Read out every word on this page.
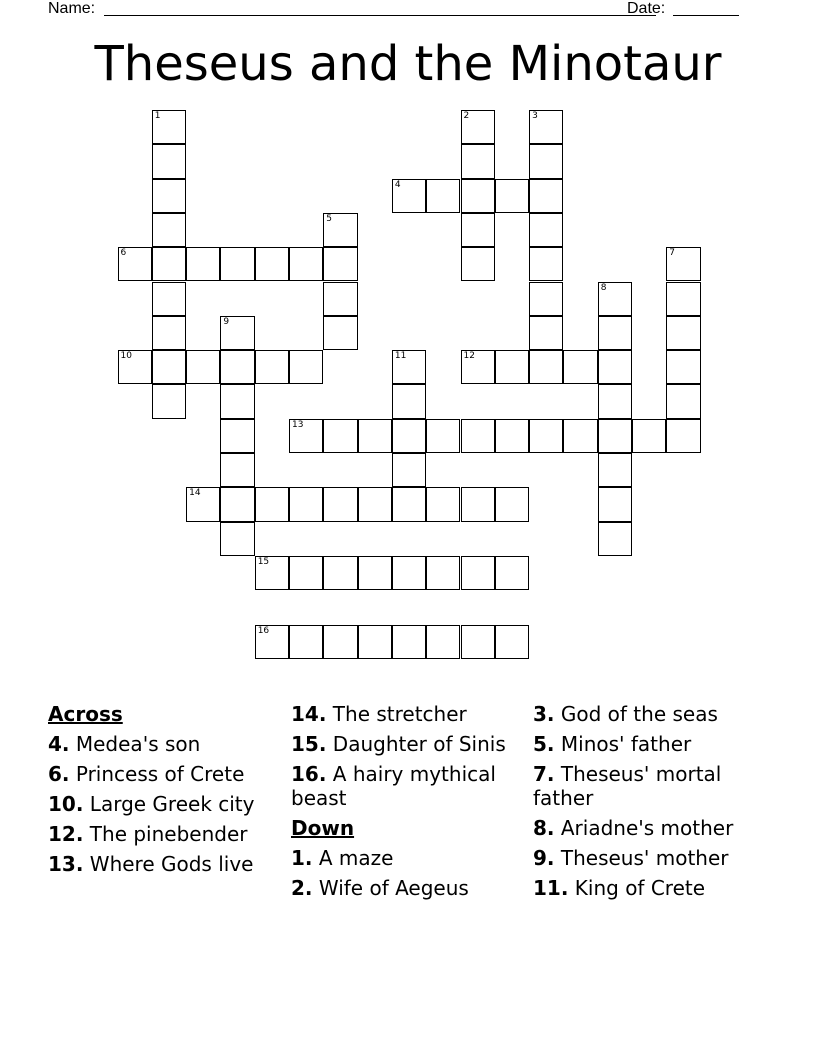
Name:	Date:
Theseus and the Minotaur
1	2	3
4
5
6	7
8
9
10	11	12
13
14
15
16
Across
4. Medea's son
6. Princess of Crete
10. Large Greek city
12. The pinebender
13. Where Gods live
14. The stretcher
15. Daughter of Sinis
16. A hairy mythical beast
Down
1. A maze
2. Wife of Aegeus
3. God of the seas
5. Minos' father
7. Theseus' mortal father
8. Ariadne's mother
9. Theseus' mother
11. King of Crete
